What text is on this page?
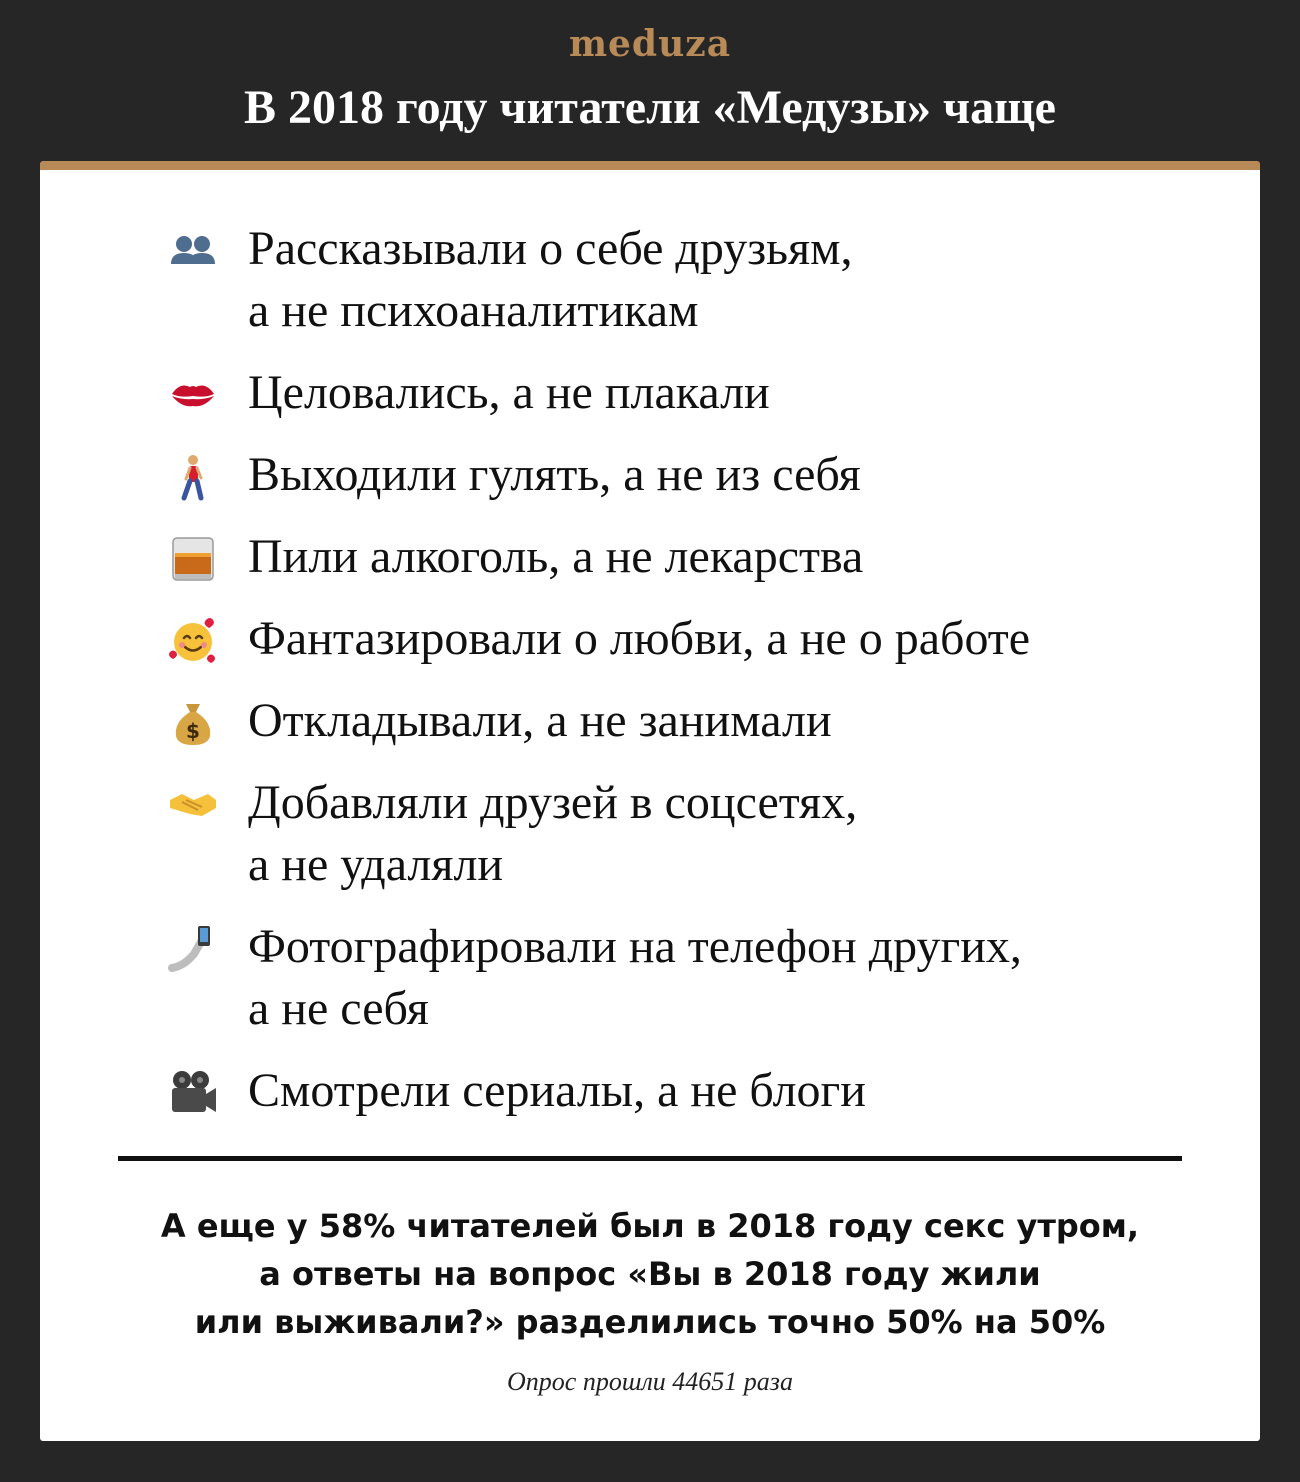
meduza
В 2018 году читатели «Медузы» чаще
Рассказывали о себе друзьям,
а не психоаналитикам
Целовались, а не плакали
Выходили гулять, а не из себя
Пили алкоголь, а не лекарства
Фантазировали о любви, а не о работе
$ Откладывали, а не занимали
Добавляли друзей в соцсетях,
а не удаляли
Фотографировали на телефон других,
а не себя
Смотрели сериалы, а не блоги
А еще у 58% читателей был в 2018 году секс утром,
а ответы на вопрос «Вы в 2018 году жили
или выживали?» разделились точно 50% на 50%
Опрос прошли 44651 раза
